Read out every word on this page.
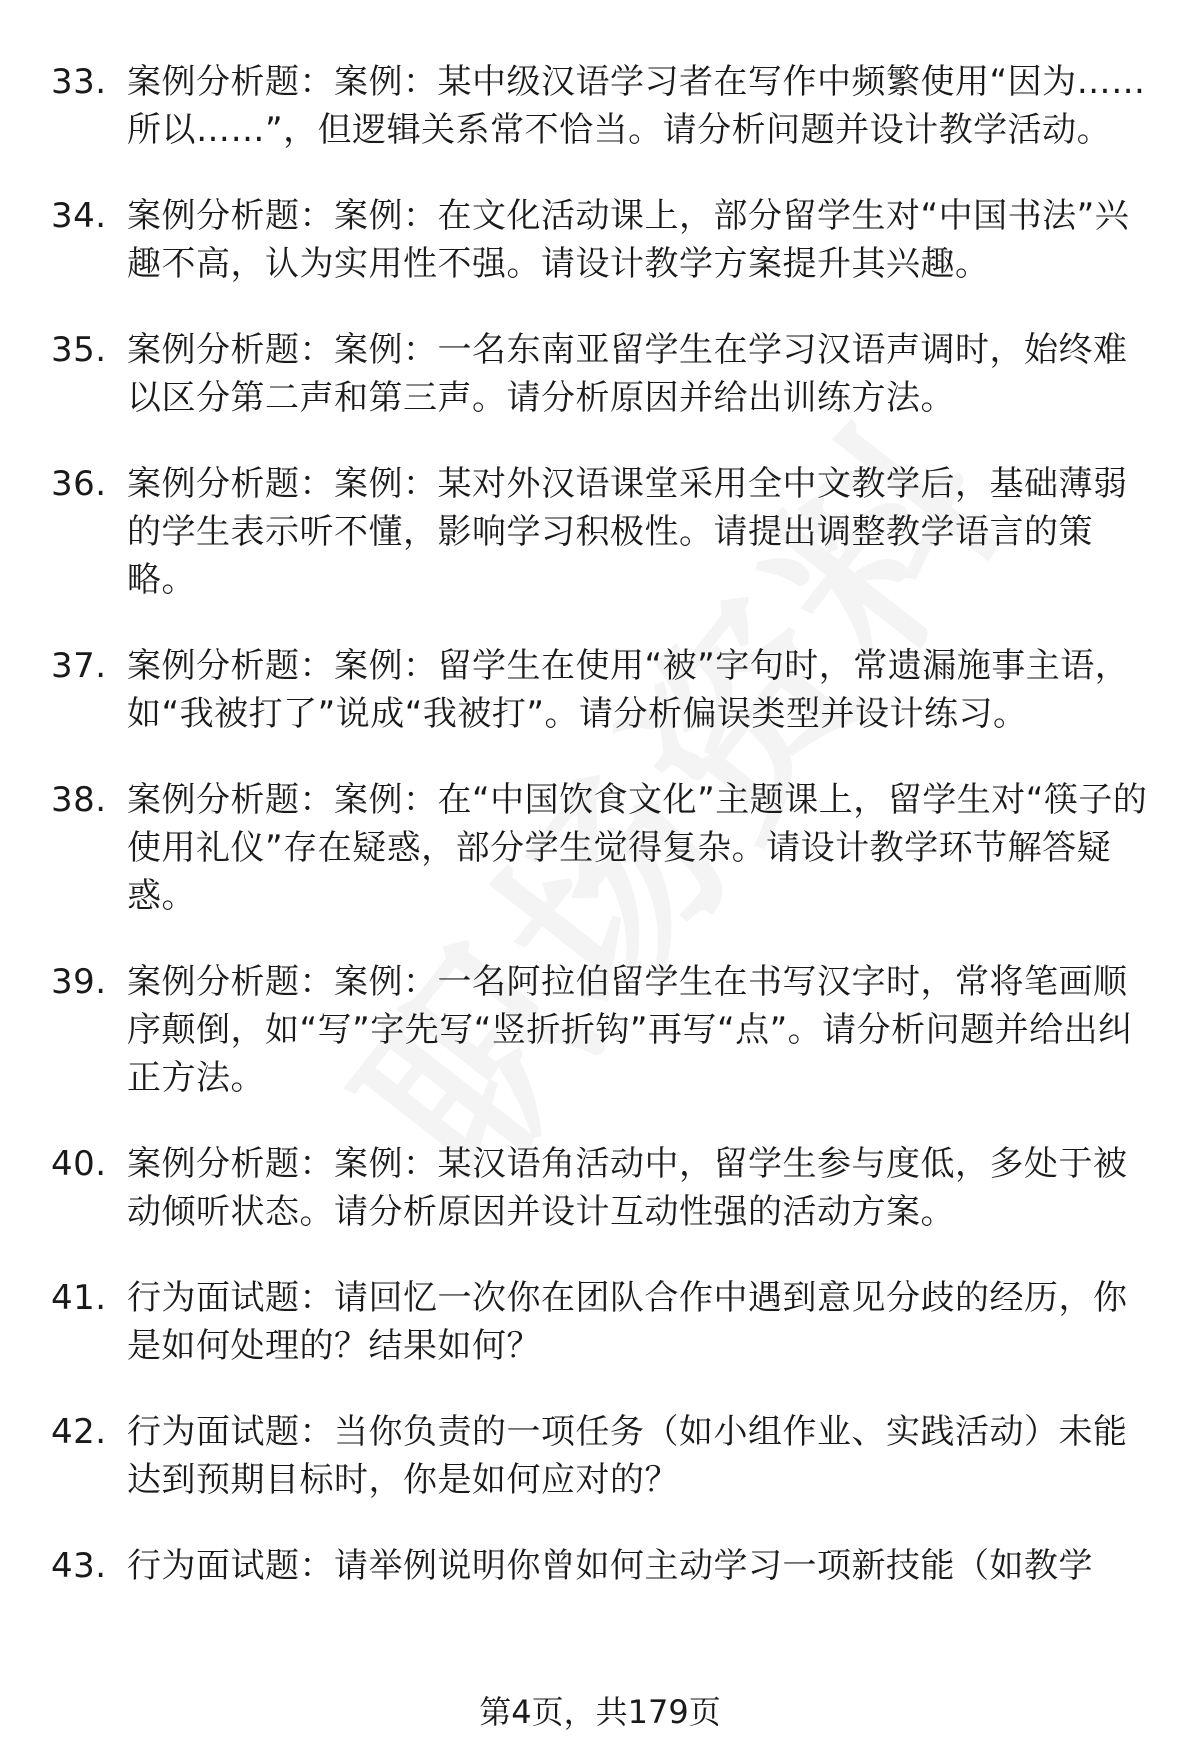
33. 案例分析题：案例：某中级汉语学习者在写作中频繁使用“因为……所以……”，但逻辑关系常不恰当。请分析问题并设计教学活动。
34. 案例分析题：案例：在文化活动课上，部分留学生对“中国书法”兴趣不高，认为实用性不强。请设计教学方案提升其兴趣。
35. 案例分析题：案例：一名东南亚留学生在学习汉语声调时，始终难以区分第二声和第三声。请分析原因并给出训练方法。
36. 案例分析题：案例：某对外汉语课堂采用全中文教学后，基础薄弱的学生表示听不懂，影响学习积极性。请提出调整教学语言的策略。
37. 案例分析题：案例：留学生在使用“被”字句时，常遗漏施事主语，如“我被打了”说成“我被打”。请分析偏误类型并设计练习。
38. 案例分析题：案例：在“中国饮食文化”主题课上，留学生对“筷子的使用礼仪”存在疑惑，部分学生觉得复杂。请设计教学环节解答疑惑。
39. 案例分析题：案例：一名阿拉伯留学生在书写汉字时，常将笔画顺序颠倒，如“写”字先写“竖折折钩”再写“点”。请分析问题并给出纠正方法。
40. 案例分析题：案例：某汉语角活动中，留学生参与度低，多处于被动倾听状态。请分析原因并设计互动性强的活动方案。
41. 行为面试题：请回忆一次你在团队合作中遇到意见分歧的经历，你是如何处理的？结果如何？
42. 行为面试题：当你负责的一项任务（如小组作业、实践活动）未能达到预期目标时，你是如何应对的？
43. 行为面试题：请举例说明你曾如何主动学习一项新技能（如教学
第4页，共179页
